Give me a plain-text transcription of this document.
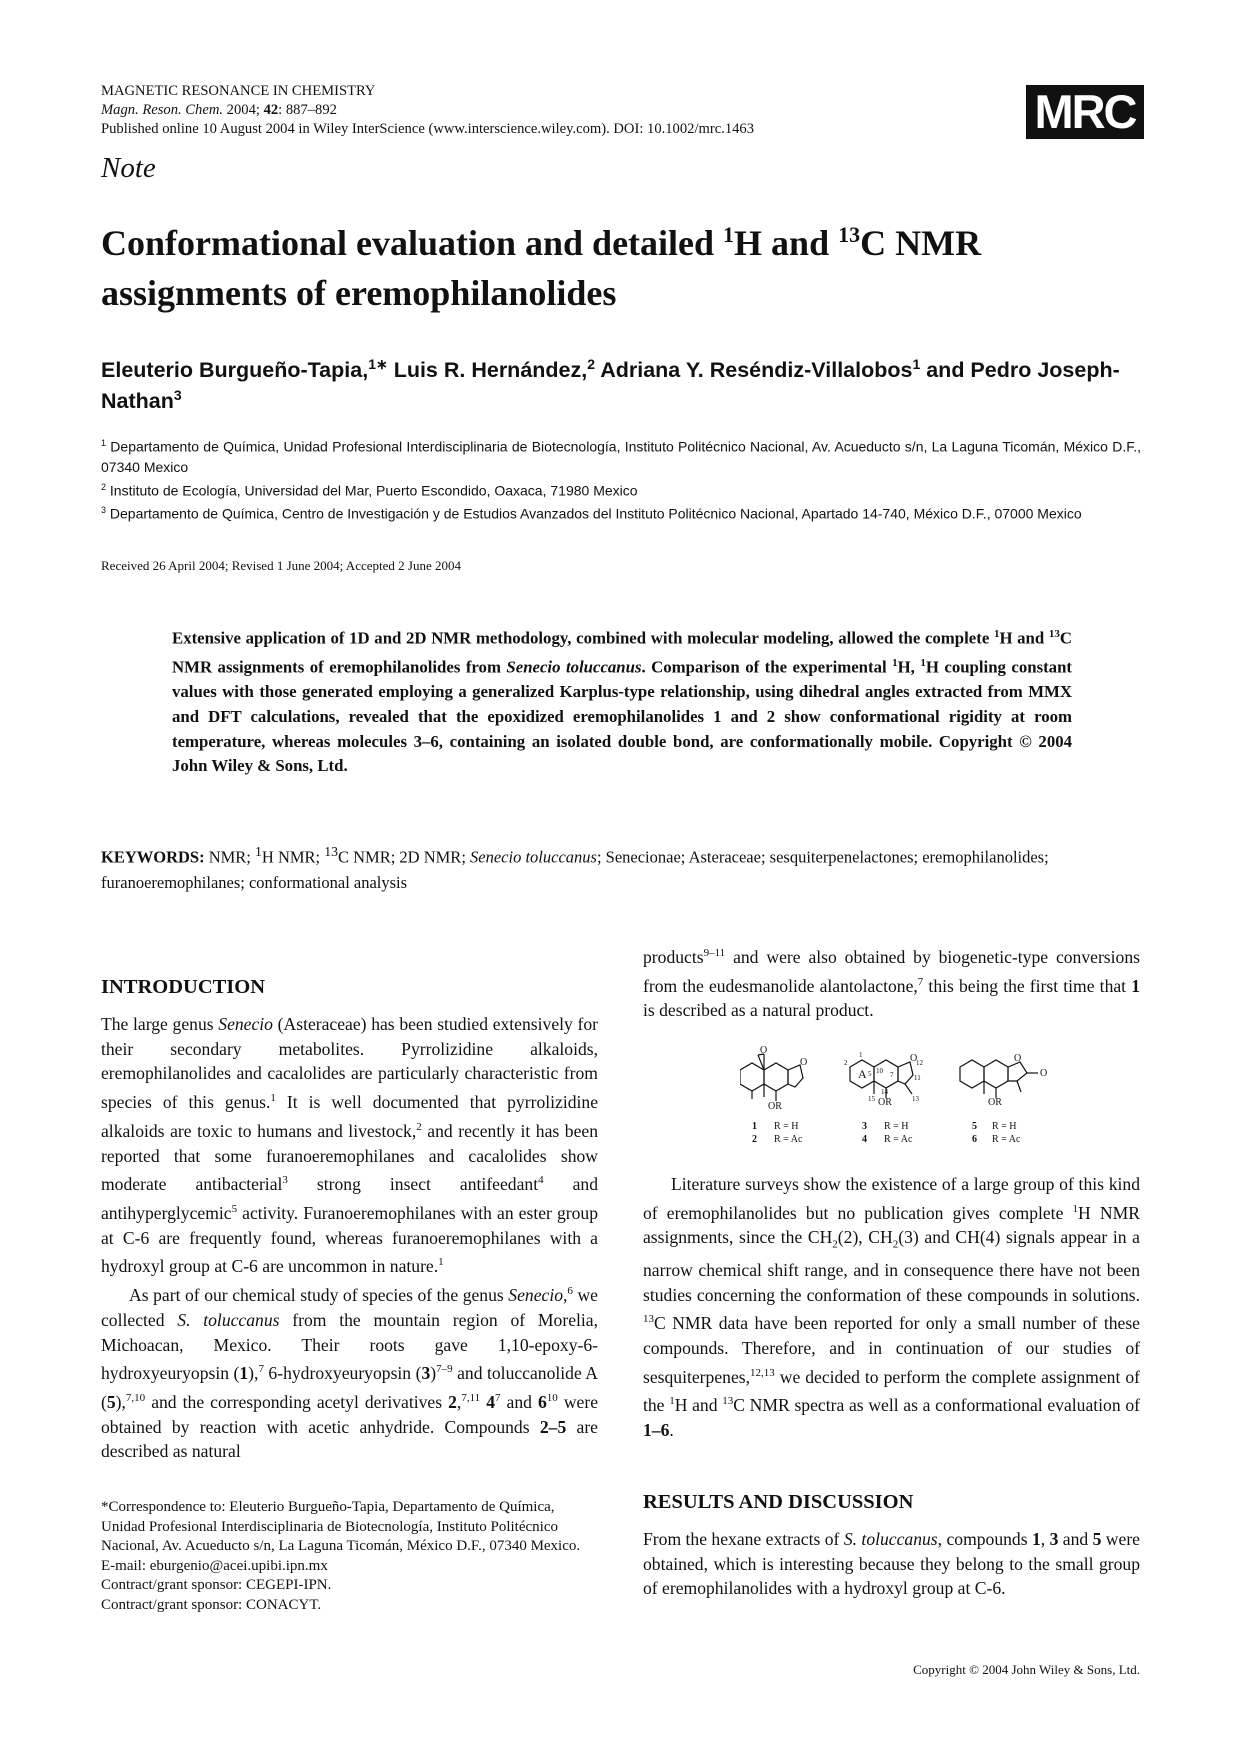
MAGNETIC RESONANCE IN CHEMISTRY
Magn. Reson. Chem. 2004; 42: 887–892
Published online 10 August 2004 in Wiley InterScience (www.interscience.wiley.com). DOI: 10.1002/mrc.1463	MRC
Note
Conformational evaluation and detailed $^1$H and $^{13}$C NMR assignments of eremophilanolides
Eleuterio Burgueño-Tapia,$^{1∗}$ Luis R. Hernández,$^2$ Adriana Y. Reséndiz-Villalobos$^1$ and Pedro Joseph-Nathan$^3$

$^1$ Departamento de Química, Unidad Profesional Interdisciplinaria de Biotecnología, Instituto Politécnico Nacional, Av. Acueducto s/n, La Laguna Ticomán, México D.F., 07340 Mexico

$^2$ Instituto de Ecología, Universidad del Mar, Puerto Escondido, Oaxaca, 71980 Mexico

$^3$ Departamento de Química, Centro de Investigación y de Estudios Avanzados del Instituto Politécnico Nacional, Apartado 14-740, México D.F., 07000 Mexico

Received 26 April 2004; Revised 1 June 2004; Accepted 2 June 2004
Extensive application of 1D and 2D NMR methodology, combined with molecular modeling, allowed the complete $^1$H and $^{13}$C NMR assignments of eremophilanolides from Senecio toluccanus. Comparison of the experimental $^1$H, $^1$H coupling constant values with those generated employing a generalized Karplus-type relationship, using dihedral angles extracted from MMX and DFT calculations, revealed that the epoxidized eremophilanolides 1 and 2 show conformational rigidity at room temperature, whereas molecules 3–6, containing an isolated double bond, are conformationally mobile. Copyright © 2004 John Wiley & Sons, Ltd.
KEYWORDS: NMR; $^1$H NMR; $^{13}$C NMR; 2D NMR; Senecio toluccanus; Senecionae; Asteraceae; sesquiterpenelactones; eremophilanolides; furanoeremophilanes; conformational analysis
INTRODUCTION

The large genus Senecio (Asteraceae) has been studied extensively for their secondary metabolites. Pyrrolizidine alkaloids, eremophilanolides and cacalolides are particularly characteristic from species of this genus.$^1$ It is well documented that pyrrolizidine alkaloids are toxic to humans and livestock,$^2$ and recently it has been reported that some furanoeremophilanes and cacalolides show moderate antibacterial$^3$ strong insect antifeedant$^4$ and antihyperglycemic$^5$ activity. Furanoeremophilanes with an ester group at C-6 are frequently found, whereas furanoeremophilanes with a hydroxyl group at C-6 are uncommon in nature.$^1$

As part of our chemical study of species of the genus Senecio,$^6$ we collected S. toluccanus from the mountain region of Morelia, Michoacan, Mexico. Their roots gave 1,10-epoxy-6-hydroxyeuryopsin (1),$^7$ 6-hydroxyeuryopsin $(3)^{7-9}$ and toluccanolide A (5),$^{7,10}$ and the corresponding acetyl derivatives 2,$^{7,11}$ $4^7$ and $6^{10}$ were obtained by reaction with acetic anhydride. Compounds 2–5 are described as natural

*Correspondence to: Eleuterio Burgueño-Tapia, Departamento de Química, Unidad Profesional Interdisciplinaria de Biotecnología, Instituto Politécnico Nacional, Av. Acueducto s/n, La Laguna Ticomán, México D.F., 07340 Mexico.

E-mail: eburgenio@acei.upibi.ipn.mx

Contract/grant sponsor: CEGEPI-IPN.

Contract/grant sponsor: CONACYT.

products$^{9-11}$ and were also obtained by biogenetic-type conversions from the eudesmanolide alantolactone,$^7$ this being the first time that 1 is described as a natural product.

O
O
OR
O
OR
A
2
1
5 10 7	11
12
13
14
15
O
O
OR
1 R = H
2 R = Ac
3 R = H
4 R = Ac
5 R = H
6 R = Ac

Literature surveys show the existence of a large group of this kind of eremophilanolides but no publication gives complete $^1$H NMR assignments, since the $CH_2(2)$, $CH_2(3)$ and CH(4) signals appear in a narrow chemical shift range, and in consequence there have not been studies concerning the conformation of these compounds in solutions. $^{13}$C NMR data have been reported for only a small number of these compounds. Therefore, and in continuation of our studies of sesquiterpenes,$^{12,13}$ we decided to perform the complete assignment of the $^1$H and $^{13}$C NMR spectra as well as a conformational evaluation of 1–6.

RESULTS AND DISCUSSION

From the hexane extracts of S. toluccanus, compounds 1, 3 and 5 were obtained, which is interesting because they belong to the small group of eremophilanolides with a hydroxyl group at C-6.

Copyright © 2004 John Wiley & Sons, Ltd.
